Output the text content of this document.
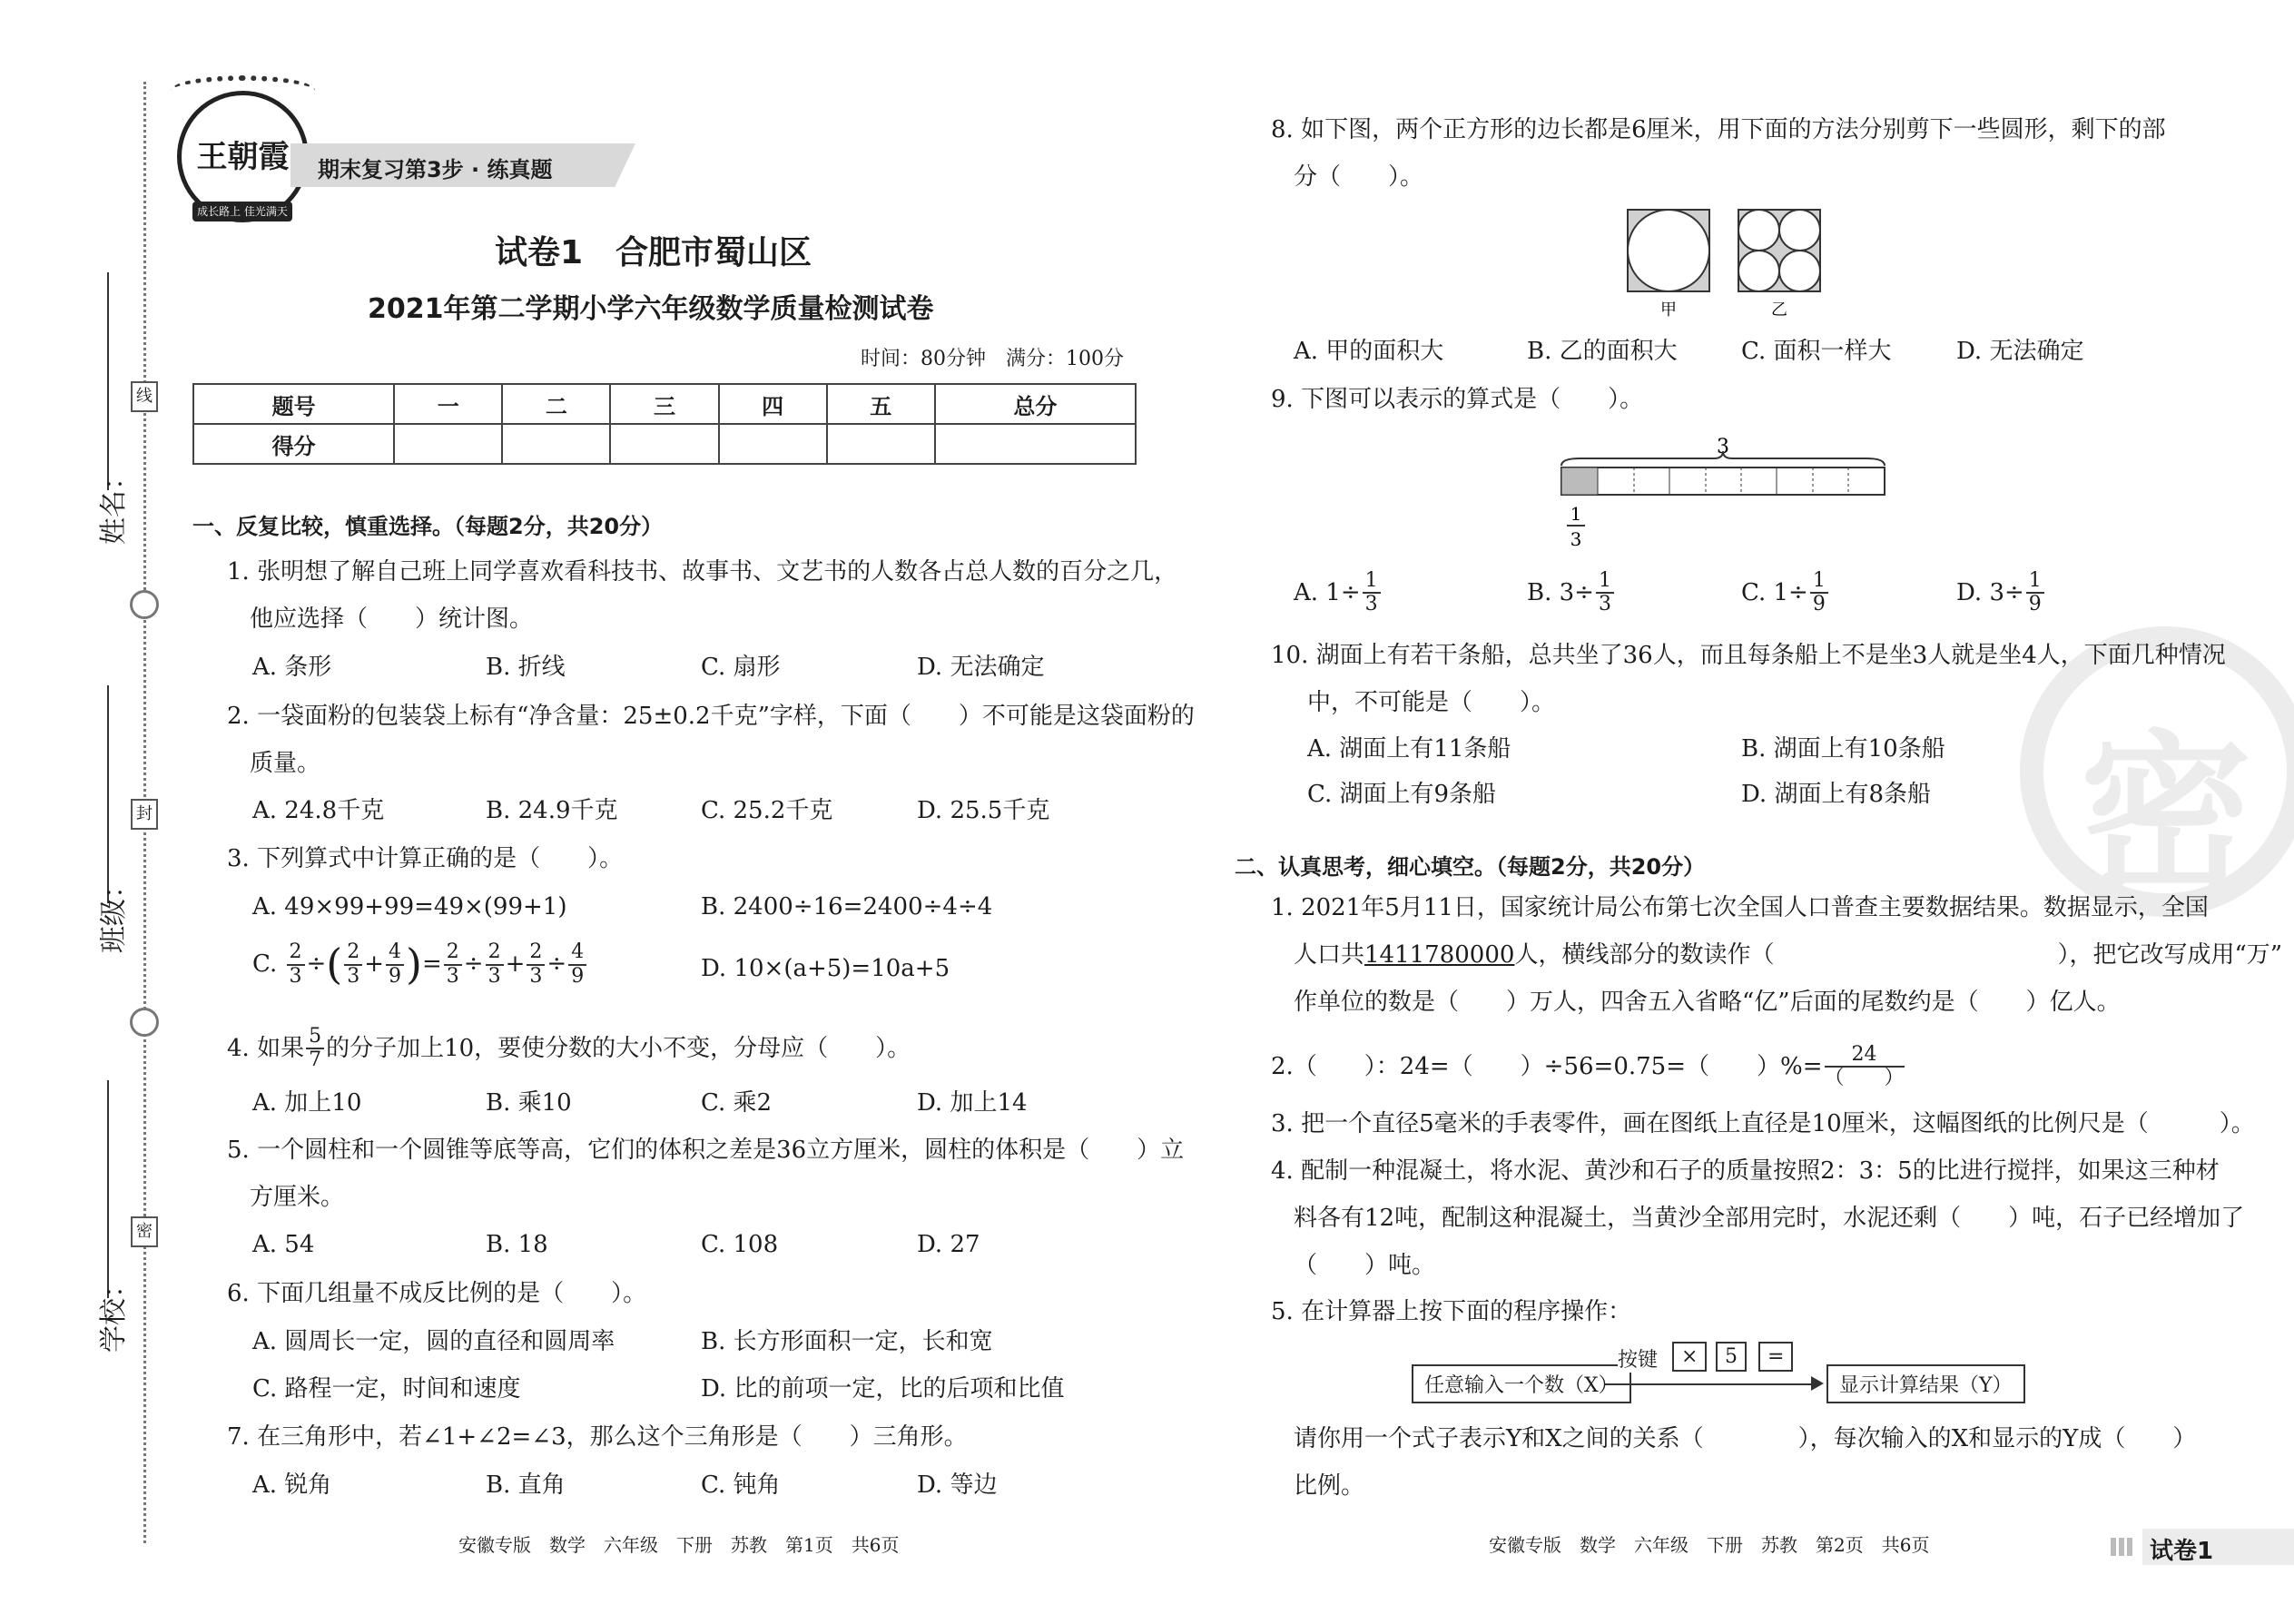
姓名：
班级：
学校：
线
封
密
王朝霞
成长路上 佳光满天
期末复习第3步 · 练真题
试卷1　合肥市蜀山区
2021年第二学期小学六年级数学质量检测试卷
时间：80分钟　满分：100分
题号	一	二	三	四	五	总分
得分						
一、反复比较，慎重选择。（每题2分，共20分）
1. 张明想了解自己班上同学喜欢看科技书、故事书、文艺书的人数各占总人数的百分之几，
他应选择（　　）统计图。
A. 条形	B. 折线	C. 扇形	D. 无法确定
2. 一袋面粉的包装袋上标有“净含量：25±0.2千克”字样，下面（　　）不可能是这袋面粉的
质量。
A. 24.8千克	B. 24.9千克	C. 25.2千克	D. 25.5千克
3. 下列算式中计算正确的是（　　）。
A. 49×99+99=49×(99+1)	B. 2400÷16=2400÷4÷4
C. $\frac{2}{3}$ ÷ ( $\frac{2}{3} + \frac{4}{9}$ ) = $\frac{2}{3} \div \frac{2}{3} + \frac{2}{3} \div \frac{4}{9}$	D. 10×(a+5)=10a+5
4. 如果 $\frac{5}{7}$ 的分子加上10，要使分数的大小不变，分母应（　　）。
A. 加上10	B. 乘10	C. 乘2	D. 加上14
5. 一个圆柱和一个圆锥等底等高，它们的体积之差是36立方厘米，圆柱的体积是（　　）立
方厘米。
A. 54	B. 18	C. 108	D. 27
6. 下面几组量不成反比例的是（　　）。
A. 圆周长一定，圆的直径和圆周率	B. 长方形面积一定，长和宽
C. 路程一定，时间和速度	D. 比的前项一定，比的后项和比值
7. 在三角形中，若∠1+∠2=∠3，那么这个三角形是（　　）三角形。
A. 锐角	B. 直角	C. 钝角	D. 等边
安徽专版　数学　六年级　下册　苏教　第1页　共6页
密
8. 如下图，两个正方形的边长都是6厘米，用下面的方法分别剪下一些圆形，剩下的部
分（　　）。
甲	乙
A. 甲的面积大	B. 乙的面积大	C. 面积一样大	D. 无法确定
9. 下图可以表示的算式是（　　）。
3
1
3
A. $1\div \frac{1}{3}$	B. $3\div \frac{1}{3}$	C. $1\div \frac{1}{9}$	D. $3\div \frac{1}{9}$
10. 湖面上有若干条船，总共坐了36人，而且每条船上不是坐3人就是坐4人，下面几种情况
中，不可能是（　　）。
A. 湖面上有11条船	B. 湖面上有10条船
C. 湖面上有9条船	D. 湖面上有8条船
二、认真思考，细心填空。（每题2分，共20分）
1. 2021年5月11日，国家统计局公布第七次全国人口普查主要数据结果。数据显示，全国
人口共1411780000人，横线部分的数读作（　　　　　　　　　　　　），把它改写成用“万”
作单位的数是（　　）万人，四舍五入省略“亿”后面的尾数约是（　　）亿人。
2.（　　）：24=（　　）÷56=0.75=（　　）%= $\frac{24}{( )}$
3. 把一个直径5毫米的手表零件，画在图纸上直径是10厘米，这幅图纸的比例尺是（　　　）。
4. 配制一种混凝土，将水泥、黄沙和石子的质量按照2：3：5的比进行搅拌，如果这三种材
料各有12吨，配制这种混凝土，当黄沙全部用完时，水泥还剩（　　）吨，石子已经增加了
（　　）吨。
5. 在计算器上按下面的程序操作：
任意输入一个数（X）
按键	×	5	=
显示计算结果（Y）
请你用一个式子表示Y和X之间的关系（　　　　），每次输入的X和显示的Y成（　　）
比例。
安徽专版　数学　六年级　下册　苏教　第2页　共6页	试卷1
